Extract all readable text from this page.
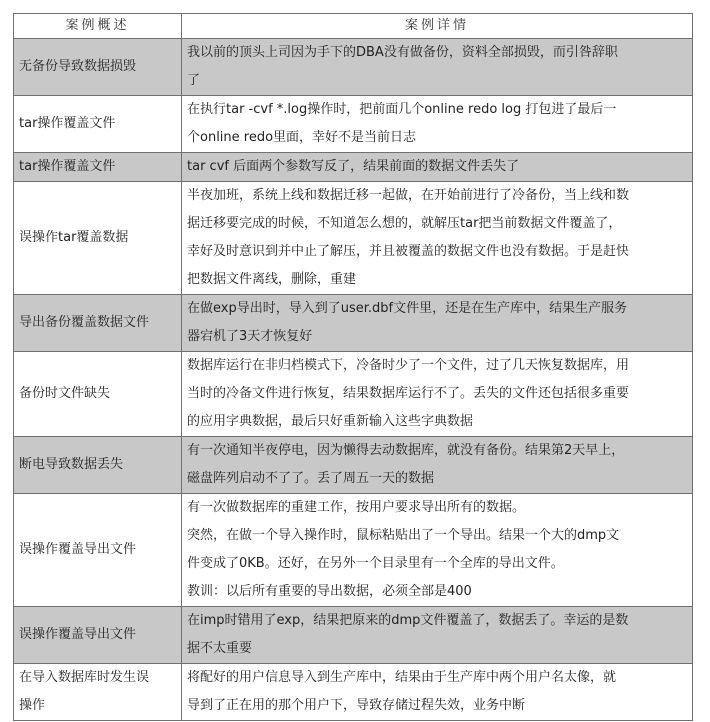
案例概述	案例详情

无备份导致数据损毁	我以前的顶头上司因为手下的DBA没有做备份，资料全部损毁，而引咎辞职
了

tar操作覆盖文件	在执行tar -cvf *.log操作时，把前面几个online redo log 打包进了最后一
个online redo里面，幸好不是当前日志

tar操作覆盖文件	tar cvf 后面两个参数写反了，结果前面的数据文件丢失了

误操作tar覆盖数据	半夜加班，系统上线和数据迁移一起做，在开始前进行了冷备份，当上线和数
据迁移要完成的时候，不知道怎么想的，就解压tar把当前数据文件覆盖了，
幸好及时意识到并中止了解压，并且被覆盖的数据文件也没有数据。于是赶快
把数据文件离线，删除，重建

导出备份覆盖数据文件	在做exp导出时，导入到了user.dbf文件里，还是在生产库中，结果生产服务
器宕机了3天才恢复好

备份时文件缺失	数据库运行在非归档模式下，冷备时少了一个文件，过了几天恢复数据库，用
当时的冷备文件进行恢复，结果数据库运行不了。丢失的文件还包括很多重要
的应用字典数据，最后只好重新输入这些字典数据

断电导致数据丢失	有一次通知半夜停电，因为懒得去动数据库，就没有备份。结果第2天早上，
磁盘阵列启动不了了。丢了周五一天的数据

误操作覆盖导出文件	有一次做数据库的重建工作，按用户要求导出所有的数据。
突然，在做一个导入操作时，鼠标粘贴出了一个导出。结果一个大的dmp文
件变成了0KB。还好，在另外一个目录里有一个全库的导出文件。
教训：以后所有重要的导出数据，必须全部是400

误操作覆盖导出文件	在imp时错用了exp，结果把原来的dmp文件覆盖了，数据丢了。幸运的是数
据不太重要

在导入数据库时发生误
操作	将配好的用户信息导入到生产库中，结果由于生产库中两个用户名太像，就
导到了正在用的那个用户下，导致存储过程失效，业务中断
